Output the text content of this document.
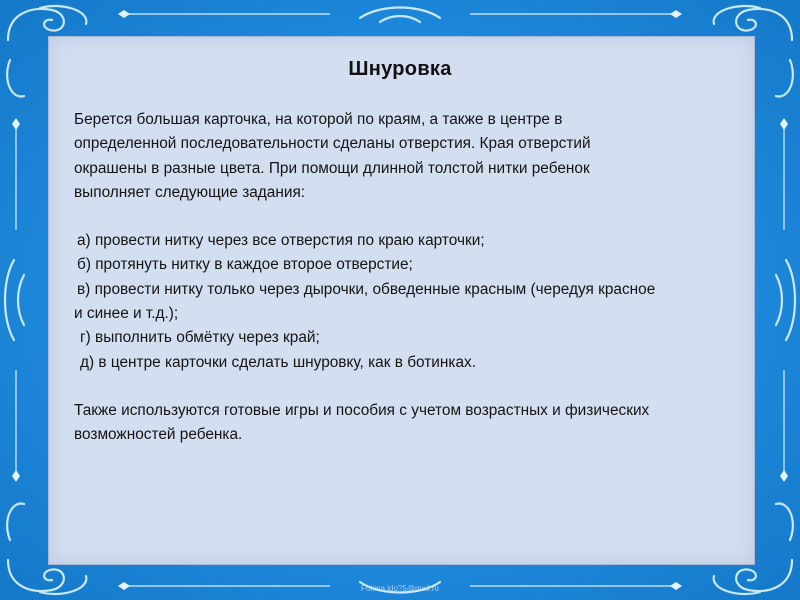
Шнуровка

Берется большая карточка, на которой по краям, а также в центре в

определенной последовательности сделаны отверстия. Края отверстий

окрашены в разные цвета. При помощи длинной толстой нитки ребенок

выполняет следующие задания:

а) провести нитку через все отверстия по краю карточки;

б) протянуть нитку в каждое второе отверстие;

в) провести нитку только через дырочки, обведенные красным (чередуя красное

и синее и т.д.);

г) выполнить обмётку через край;

д) в центре карточки сделать шнуровку, как в ботинках.

Также используются готовые игры и пособия с учетом возрастных и физических

возможностей ребенка.

Fokina.ldo?5@mail.ru
